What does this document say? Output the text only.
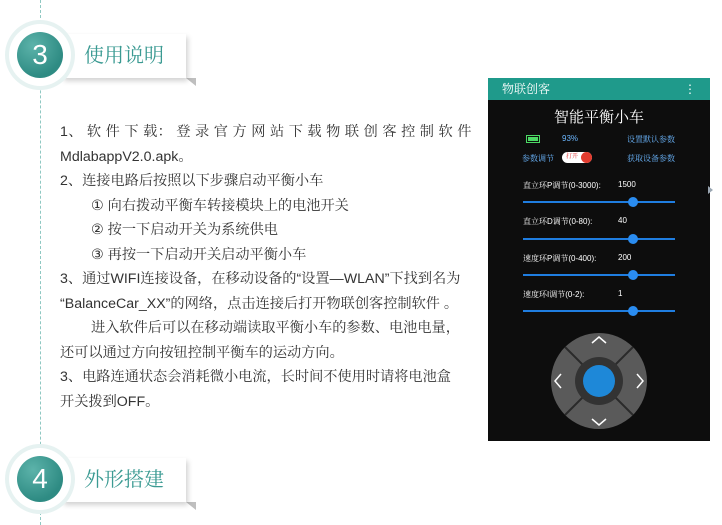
使用说明
3

1、 软 件 下 载： 登 录 官 方 网 站 下 载 物 联 创 客 控 制 软 件

MdlabappV2.0.apk。

2、连接电路后按照以下步骤启动平衡小车

① 向右拨动平衡车转接模块上的电池开关

② 按一下启动开关为系统供电

③ 再按一下启动开关启动平衡小车

3、通过WIFI连接设备，在移动设备的“设置—WLAN”下找到名为

“BalanceCar_XX”的网络，点击连接后打开物联创客控制软件 。

进入软件后可以在移动端读取平衡小车的参数、电池电量，

还可以通过方向按钮控制平衡车的运动方向。

3、电路连通状态会消耗微小电流，长时间不使用时请将电池盒

开关拨到OFF。

物联创客	⋮
智能平衡小车
93%	设置默认参数
参数调节 打开	获取设备参数
直立环P调节(0-3000): 1500
直立环D调节(0-80):	40
速度环P调节(0-400):	200
速度环I调节(0-2):	1
外形搭建
4
